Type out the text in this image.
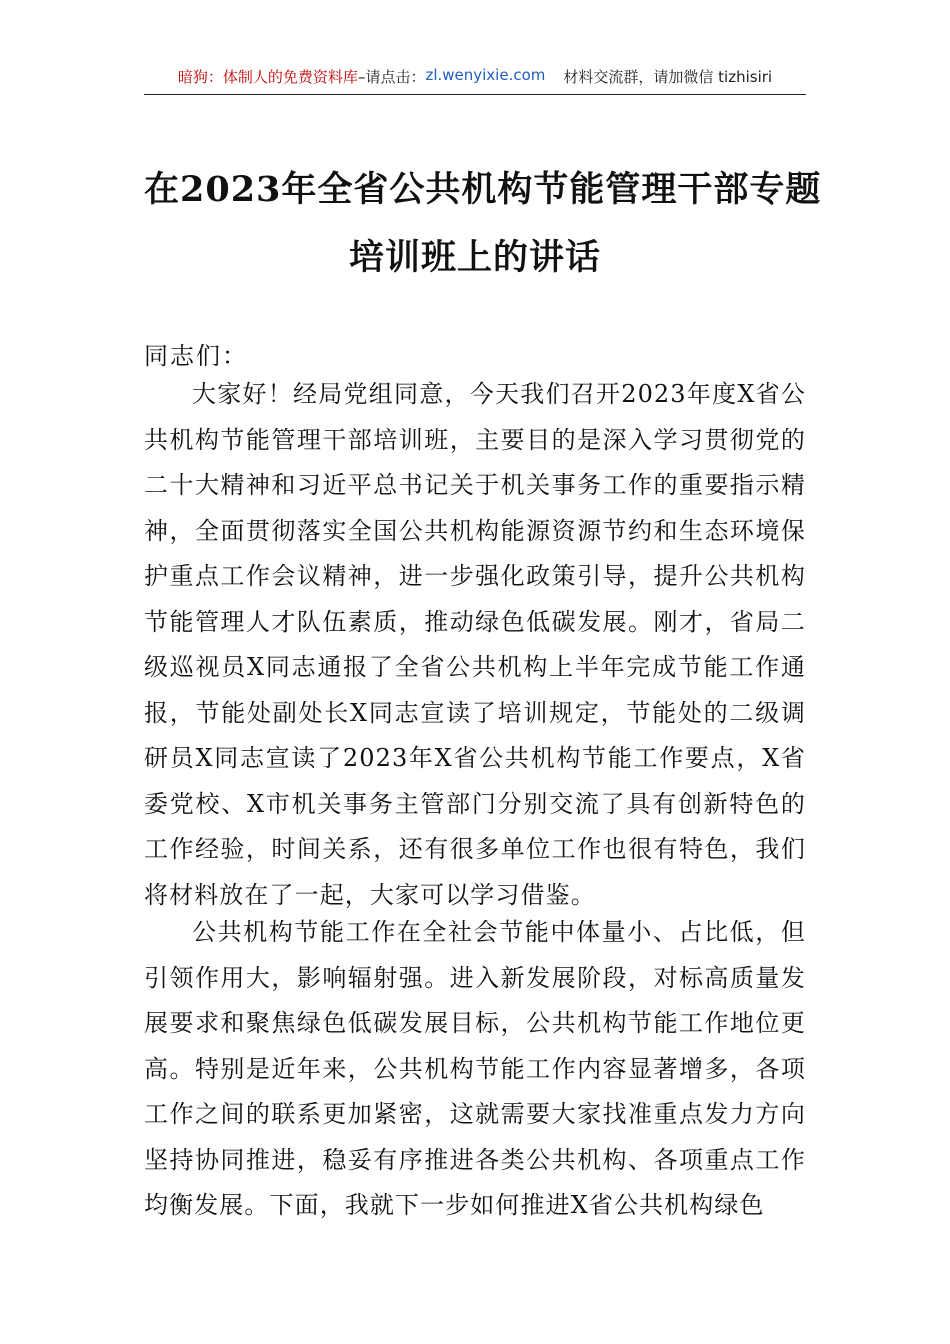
暗狗：体制人的免费资料库 –请点击： zl.wenyixie.com 材料交流群，请加微信 tizhisiri
在2023年全省公共机构节能管理干部专题
培训班上的讲话
同志们：
大家好！经局党组同意，今天我们召开2023年度X省公共机构节能管理干部培训班，主要目的是深入学习贯彻党的二十大精神和习近平总书记关于机关事务工作的重要指示精神，全面贯彻落实全国公共机构能源资源节约和生态环境保护重点工作会议精神，进一步强化政策引导，提升公共机构节能管理人才队伍素质，推动绿色低碳发展。刚才，省局二级巡视员X同志通报了全省公共机构上半年完成节能工作通报，节能处副处长X同志宣读了培训规定，节能处的二级调研员X同志宣读了2023年X省公共机构节能工作要点，X省委党校、X市机关事务主管部门分别交流了具有创新特色的工作经验，时间关系，还有很多单位工作也很有特色，我们将材料放在了一起，大家可以学习借鉴。
公共机构节能工作在全社会节能中体量小、占比低，但引领作用大，影响辐射强。进入新发展阶段，对标高质量发展要求和聚焦绿色低碳发展目标，公共机构节能工作地位更高。特别是近年来，公共机构节能工作内容显著增多，各项工作之间的联系更加紧密，这就需要大家找准重点发力方向坚持协同推进，稳妥有序推进各类公共机构、各项重点工作均衡发展。下面，我就下一步如何推进X省公共机构绿色
